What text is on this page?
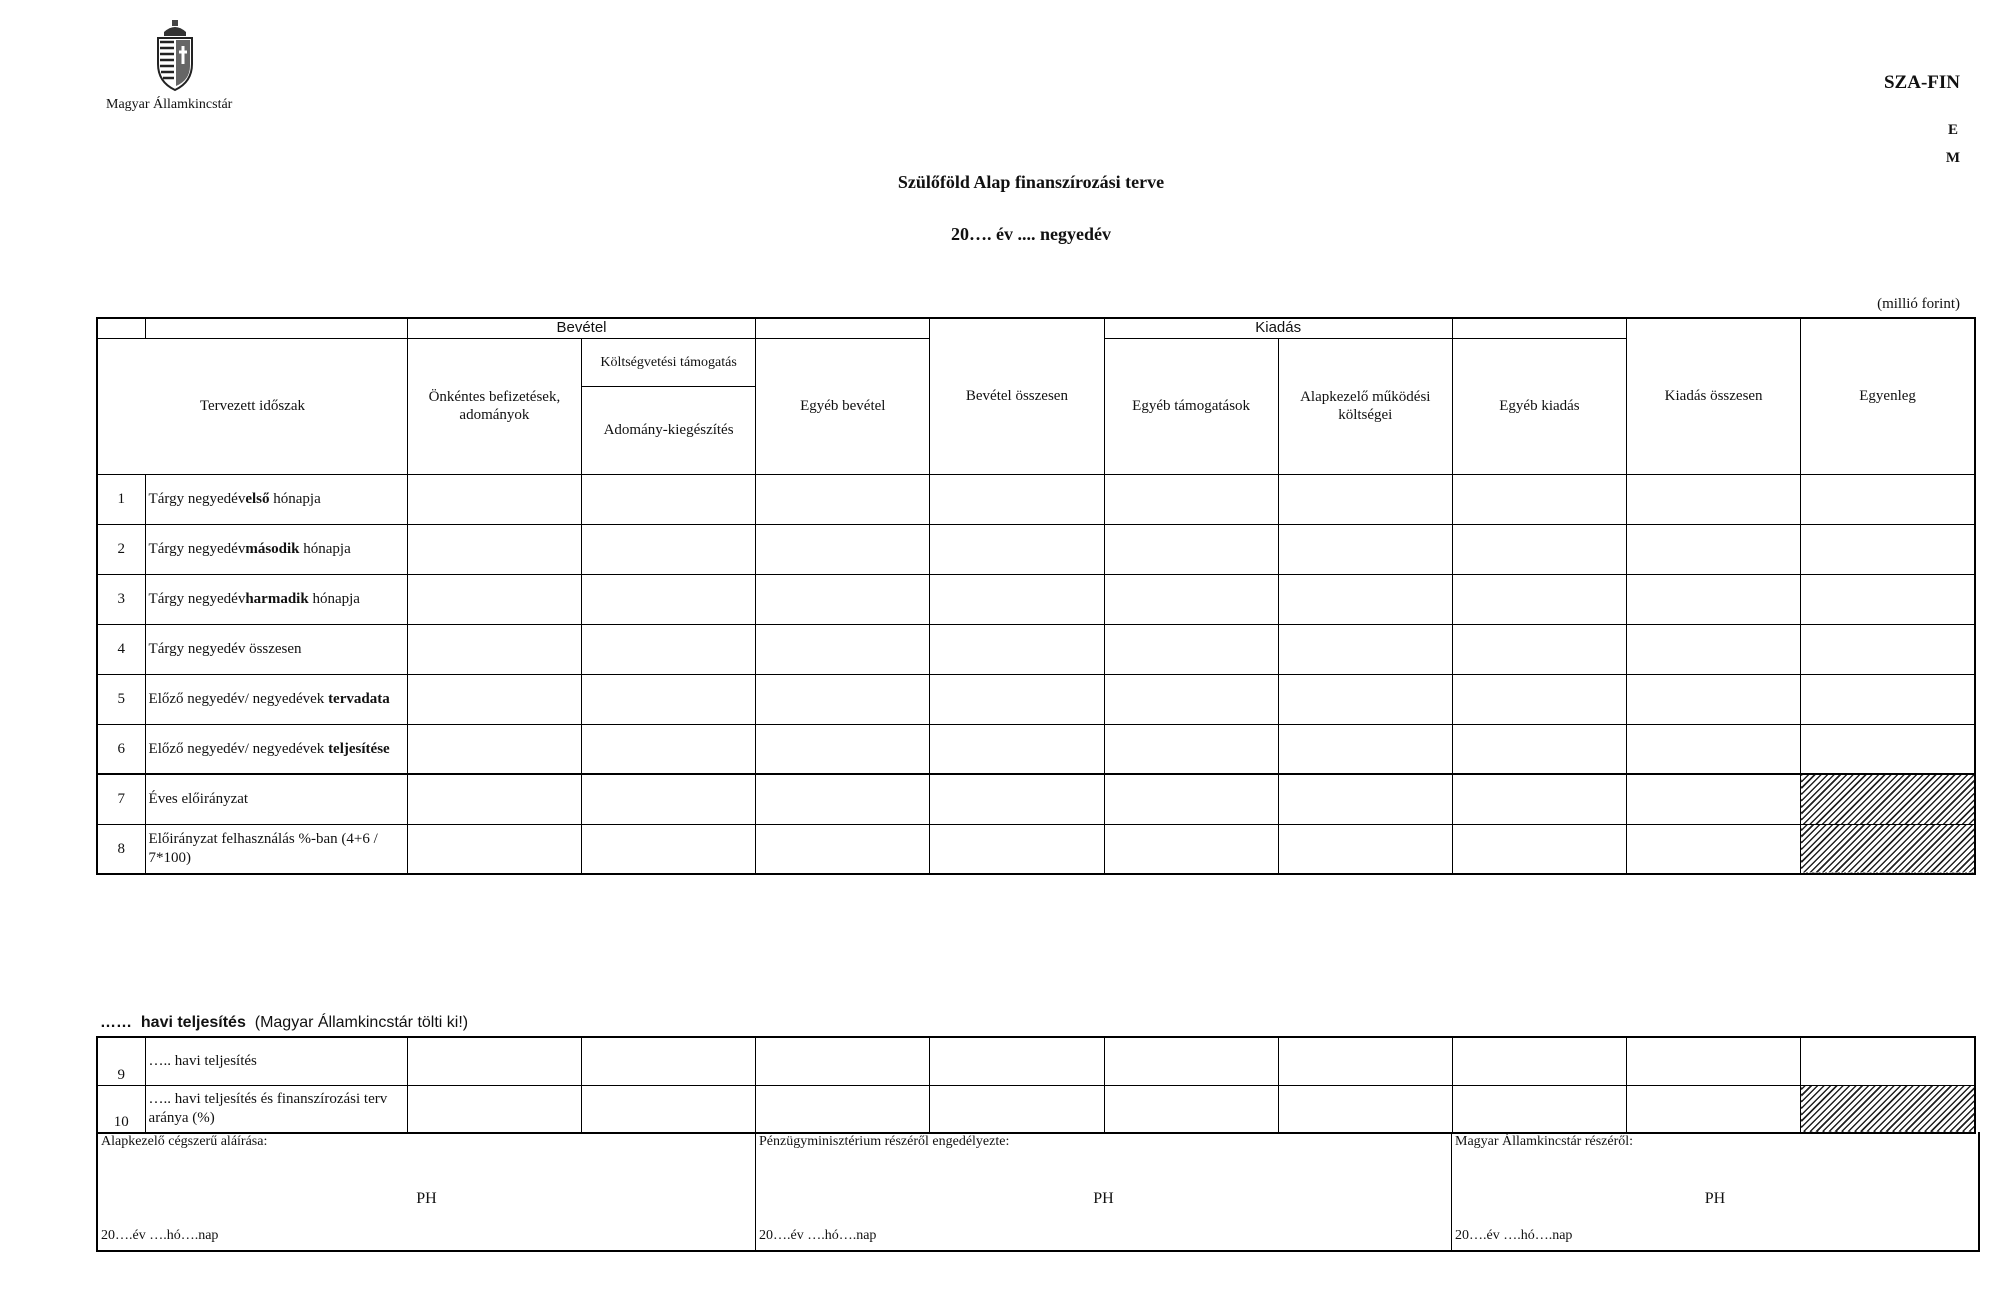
Magyar Államkincstár
SZA-FIN
E
M
Szülőföld Alap finanszírozási terve
20…. év .... negyedév
(millió forint)
		Bevétel			Bevétel összesen	Kiadás			Kiadás összesen	Egyenleg
Tervezett időszak		Önkéntes befizetések, adományok	Költségvetési támogatás	Egyéb bevétel		Egyéb támogatások	Alapkezelő működési költségei	Egyéb kiadás		
			Adomány-kiegészítés							
1	Tárgy negyedévelső hónapja									
2	Tárgy negyedévmásodik hónapja									
3	Tárgy negyedévharmadik hónapja									
4	Tárgy negyedév összesen									
5	Előző negyedév/ negyedévek tervadata									
6	Előző negyedév/ negyedévek teljesítése									
7	Éves előirányzat									
8	Előirányzat felhasználás %-ban (4+6 / 7*100)									
…… havi teljesítés (Magyar Államkincstár tölti ki!)
9	….. havi teljesítés									
10	….. havi teljesítés és finanszírozási terv aránya (%)									
Alapkezelő cégszerű aláírása:
PH
20….év ….hó….nap
Pénzügyminisztérium részéről engedélyezte:
PH
20….év ….hó….nap
Magyar Államkincstár részéről:
PH
20….év ….hó….nap
